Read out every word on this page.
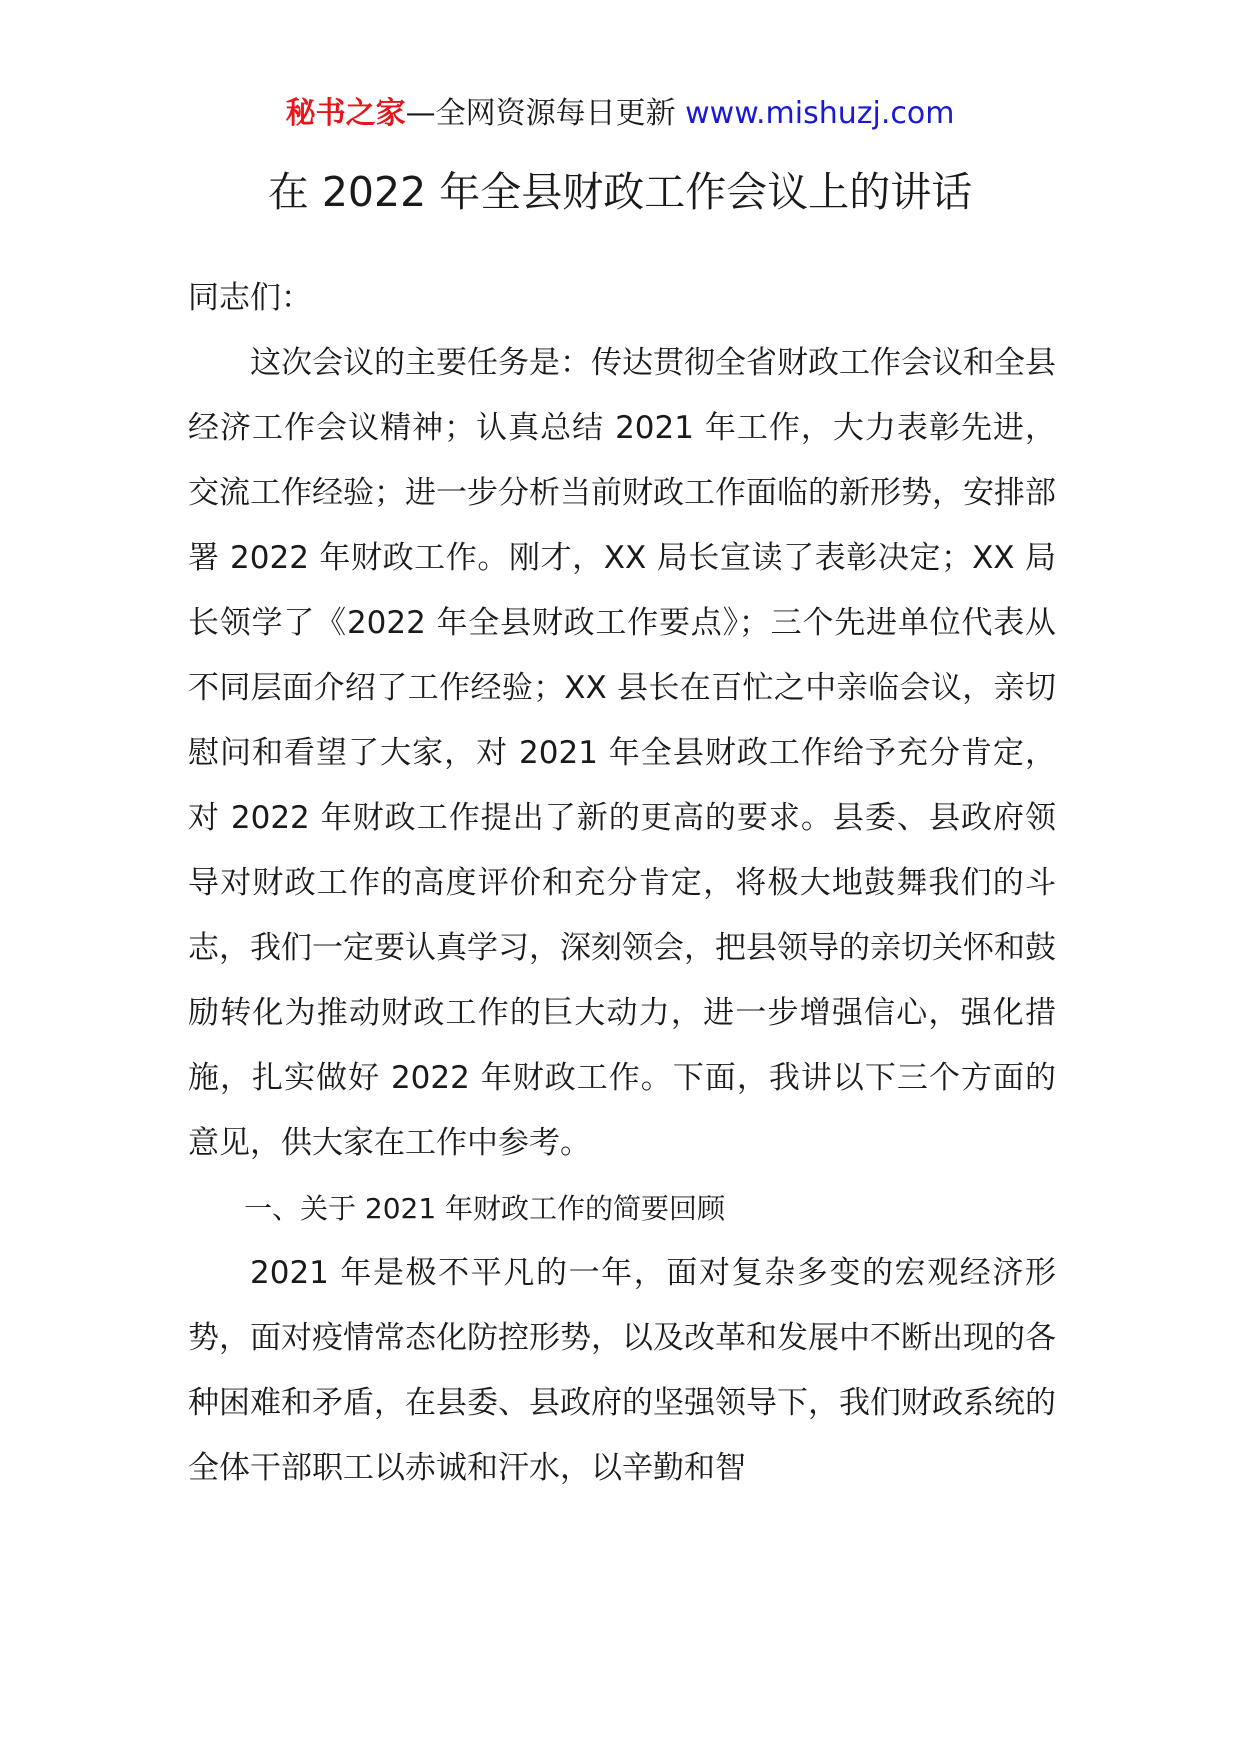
秘书之家—全网资源每日更新 www.mishuzj.com
在 2022 年全县财政工作会议上的讲话

同志们：

这次会议的主要任务是：传达贯彻全省财政工作会议和全县经济工作会议精神；认真总结 2021 年工作，大力表彰先进，交流工作经验；进一步分析当前财政工作面临的新形势，安排部署 2022 年财政工作。刚才，XX 局长宣读了表彰决定；XX 局长领学了《2022 年全县财政工作要点》；三个先进单位代表从不同层面介绍了工作经验；XX 县长在百忙之中亲临会议，亲切慰问和看望了大家，对 2021 年全县财政工作给予充分肯定，对 2022 年财政工作提出了新的更高的要求。县委、县政府领导对财政工作的高度评价和充分肯定，将极大地鼓舞我们的斗志，我们一定要认真学习，深刻领会，把县领导的亲切关怀和鼓励转化为推动财政工作的巨大动力，进一步增强信心，强化措施，扎实做好 2022 年财政工作。下面，我讲以下三个方面的意见，供大家在工作中参考。

一、关于 2021 年财政工作的简要回顾

2021 年是极不平凡的一年，面对复杂多变的宏观经济形势，面对疫情常态化防控形势，以及改革和发展中不断出现的各种困难和矛盾，在县委、县政府的坚强领导下，我们财政系统的全体干部职工以赤诚和汗水，以辛勤和智
